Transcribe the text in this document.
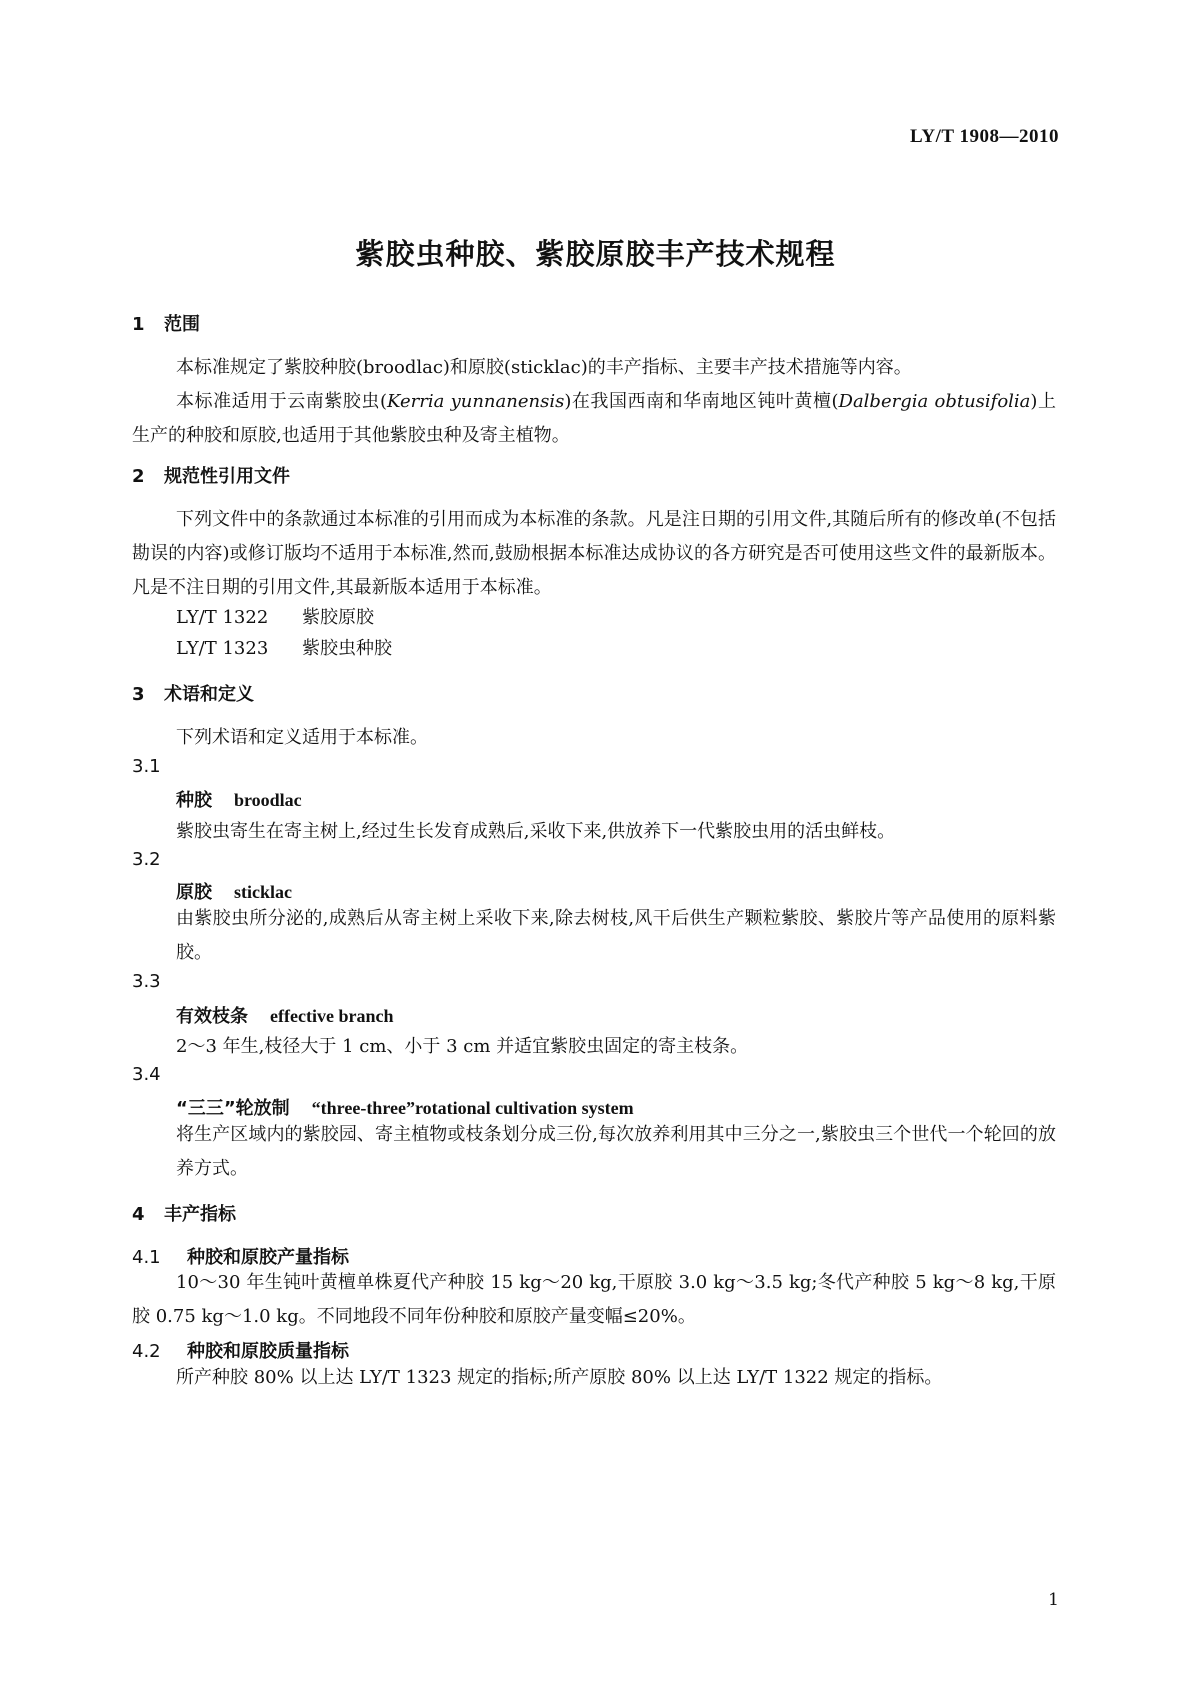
LY/T 1908—2010
紫胶虫种胶、紫胶原胶丰产技术规程
1 范围
本标准规定了紫胶种胶(broodlac)和原胶(sticklac)的丰产指标、主要丰产技术措施等内容。
本标准适用于云南紫胶虫(Kerria yunnanensis)在我国西南和华南地区钝叶黄檀(Dalbergia obtusifolia)上生产的种胶和原胶,也适用于其他紫胶虫种及寄主植物。
2 规范性引用文件
下列文件中的条款通过本标准的引用而成为本标准的条款。凡是注日期的引用文件,其随后所有的修改单(不包括勘误的内容)或修订版均不适用于本标准,然而,鼓励根据本标准达成协议的各方研究是否可使用这些文件的最新版本。凡是不注日期的引用文件,其最新版本适用于本标准。
LY/T 1322 紫胶原胶
LY/T 1323 紫胶虫种胶
3 术语和定义
下列术语和定义适用于本标准。
3.1
种胶 broodlac
紫胶虫寄生在寄主树上,经过生长发育成熟后,采收下来,供放养下一代紫胶虫用的活虫鲜枝。
3.2
原胶 sticklac
由紫胶虫所分泌的,成熟后从寄主树上采收下来,除去树枝,风干后供生产颗粒紫胶、紫胶片等产品使用的原料紫胶。
3.3
有效枝条 effective branch
2～3 年生,枝径大于 1 cm、小于 3 cm 并适宜紫胶虫固定的寄主枝条。
3.4
“三三”轮放制 “three-three”rotational cultivation system
将生产区域内的紫胶园、寄主植物或枝条划分成三份,每次放养利用其中三分之一,紫胶虫三个世代一个轮回的放养方式。
4 丰产指标
4.1 种胶和原胶产量指标
10～30 年生钝叶黄檀单株夏代产种胶 15 kg～20 kg,干原胶 3.0 kg～3.5 kg;冬代产种胶 5 kg～8 kg,干原胶 0.75 kg～1.0 kg。不同地段不同年份种胶和原胶产量变幅≤20%。
4.2 种胶和原胶质量指标
所产种胶 80% 以上达 LY/T 1323 规定的指标;所产原胶 80% 以上达 LY/T 1322 规定的指标。
1
